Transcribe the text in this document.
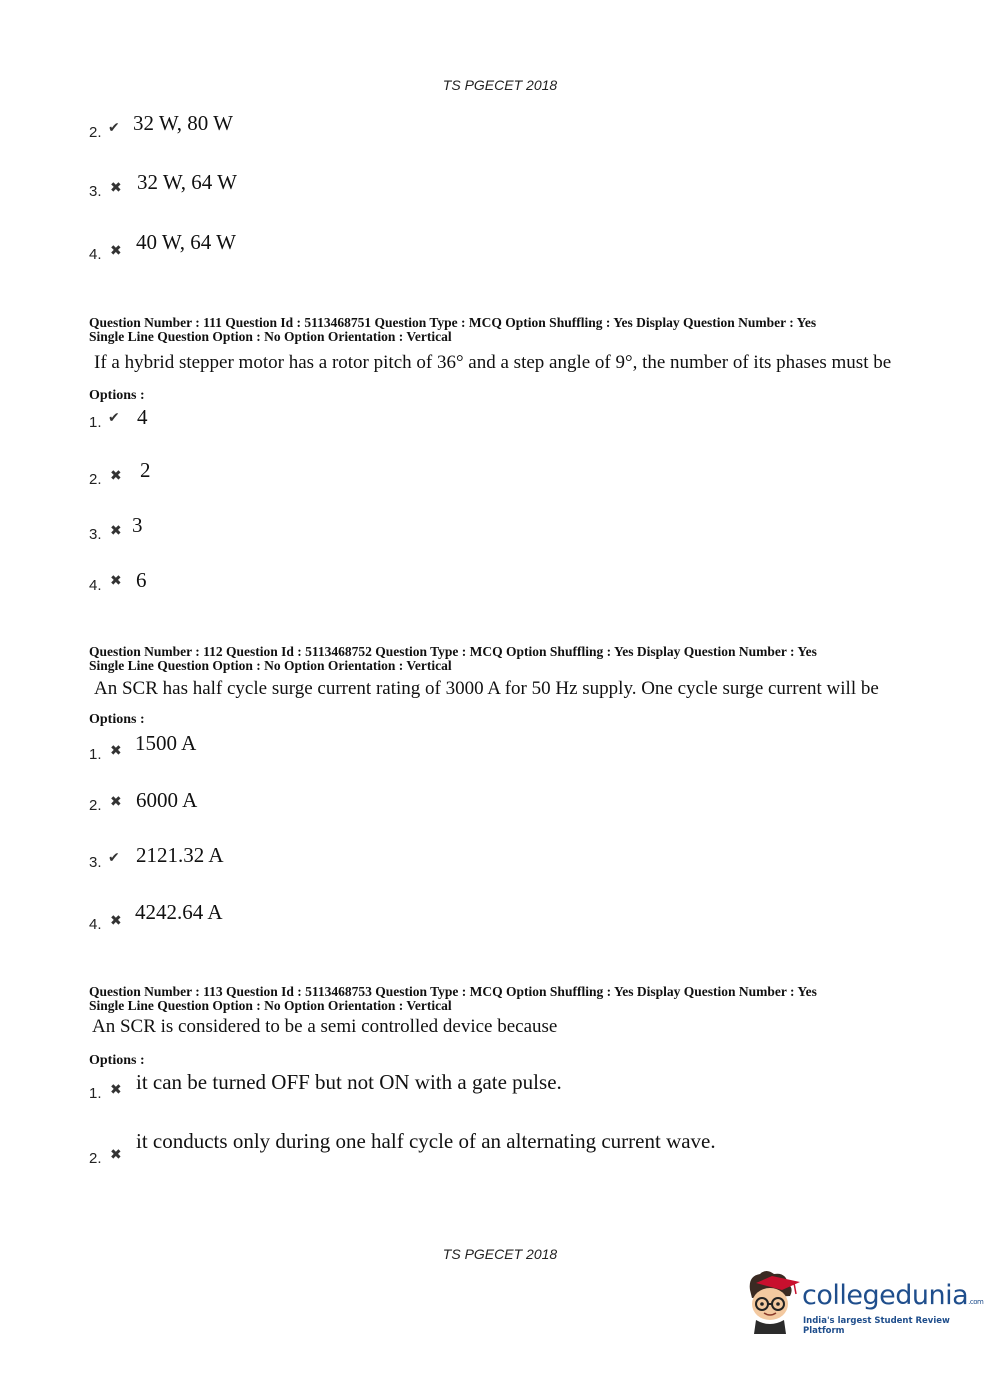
TS PGECET 2018
2. ✔ 32 W, 80 W
3. ✖ 32 W, 64 W
4. ✖ 40 W, 64 W
Question Number : 111 Question Id : 5113468751 Question Type : MCQ Option Shuffling : Yes Display Question Number : Yes
Single Line Question Option : No Option Orientation : Vertical
If a hybrid stepper motor has a rotor pitch of 36° and a step angle of 9°, the number of its phases must be
Options :
1. ✔ 4
2. ✖ 2
3. ✖ 3
4. ✖ 6
Question Number : 112 Question Id : 5113468752 Question Type : MCQ Option Shuffling : Yes Display Question Number : Yes
Single Line Question Option : No Option Orientation : Vertical
An SCR has half cycle surge current rating of 3000 A for 50 Hz supply. One cycle surge current will be
Options :
1. ✖ 1500 A
2. ✖ 6000 A
3. ✔ 2121.32 A
4. ✖ 4242.64 A
Question Number : 113 Question Id : 5113468753 Question Type : MCQ Option Shuffling : Yes Display Question Number : Yes
Single Line Question Option : No Option Orientation : Vertical
An SCR is considered to be a semi controlled device because
Options :
1. ✖ it can be turned OFF but not ON with a gate pulse.
2. ✖
it conducts only during one half cycle of an alternating current wave.
TS PGECET 2018
collegedunia.com
India's largest Student Review Platform
